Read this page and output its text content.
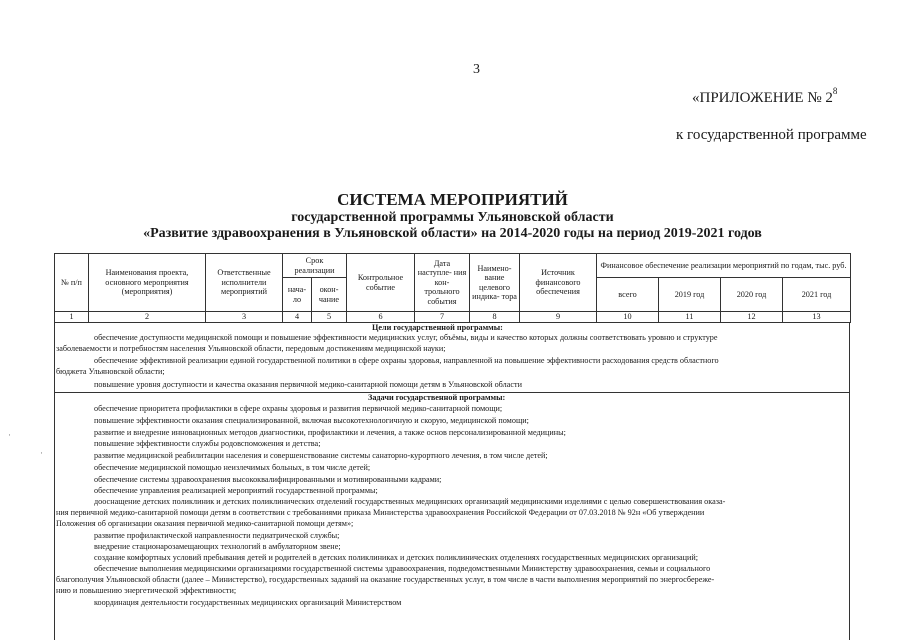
3
«ПРИЛОЖЕНИЕ № $2^8$
к государственной программе
СИСТЕМА МЕРОПРИЯТИЙ
государственной программы Ульяновской области
«Развитие здравоохранения в Ульяновской области» на 2014-2020 годы на период 2019-2021 годов
·
·
№ п/п	Наименования проекта, основного мероприятия (мероприятия)	Ответственные исполнители мероприятий	Срок реализации		Контрольное событие	Дата наступле- ния кон- трольного события	Наимено- вание целевого индика- тора	Источник финансового обеспечения	Финансовое обеспечение реализации мероприятий по годам, тыс. руб.			
			нача- ло	окон- чание					всего	2019 год	2020 год	2021 год
1	2	3	4	5	6	7	8	9	10	11	12	13
Цели государственной программы:
обеспечение доступности медицинской помощи и повышение эффективности медицинских услуг, объёмы, виды и качество которых должны соответствовать уровню и структуре
заболеваемости и потребностям населения Ульяновской области, передовым достижениям медицинской науки;
обеспечение эффективной реализации единой государственной политики в сфере охраны здоровья, направленной на повышение эффективности расходования средств областного
бюджета Ульяновской области;
повышение уровня доступности и качества оказания первичной медико-санитарной помощи детям в Ульяновской области
Задачи государственной программы:
обеспечение приоритета профилактики в сфере охраны здоровья и развития первичной медико-санитарной помощи;
повышение эффективности оказания специализированной, включая высокотехнологичную и скорую, медицинской помощи;
развитие и внедрение инновационных методов диагностики, профилактики и лечения, а также основ персонализированной медицины;
повышение эффективности службы родовспоможения и детства;
развитие медицинской реабилитации населения и совершенствование системы санаторно-курортного лечения, в том числе детей;
обеспечение медицинской помощью неизлечимых больных, в том числе детей;
обеспечение системы здравоохранения высококвалифицированными и мотивированными кадрами;
обеспечение управления реализацией мероприятий государственной программы;
дооснащение детских поликлиник и детских поликлинических отделений государственных медицинских организаций медицинскими изделиями с целью совершенствования оказа-
ния первичной медико-санитарной помощи детям в соответствии с требованиями приказа Министерства здравоохранения Российской Федерации от 07.03.2018 № 92н «Об утверждении
Положения об организации оказания первичной медико-санитарной помощи детям»;
развитие профилактической направленности педиатрической службы;
внедрение стационарозамещающих технологий в амбулаторном звене;
создание комфортных условий пребывания детей и родителей в детских поликлиниках и детских поликлинических отделениях государственных медицинских организаций;
обеспечение выполнения медицинскими организациями государственной системы здравоохранения, подведомственными Министерству здравоохранения, семьи и социального
благополучия Ульяновской области (далее – Министерство), государственных заданий на оказание государственных услуг, в том числе в части выполнения мероприятий по энергосбереже-
нию и повышению энергетической эффективности;
координация деятельности государственных медицинских организаций Министерством
